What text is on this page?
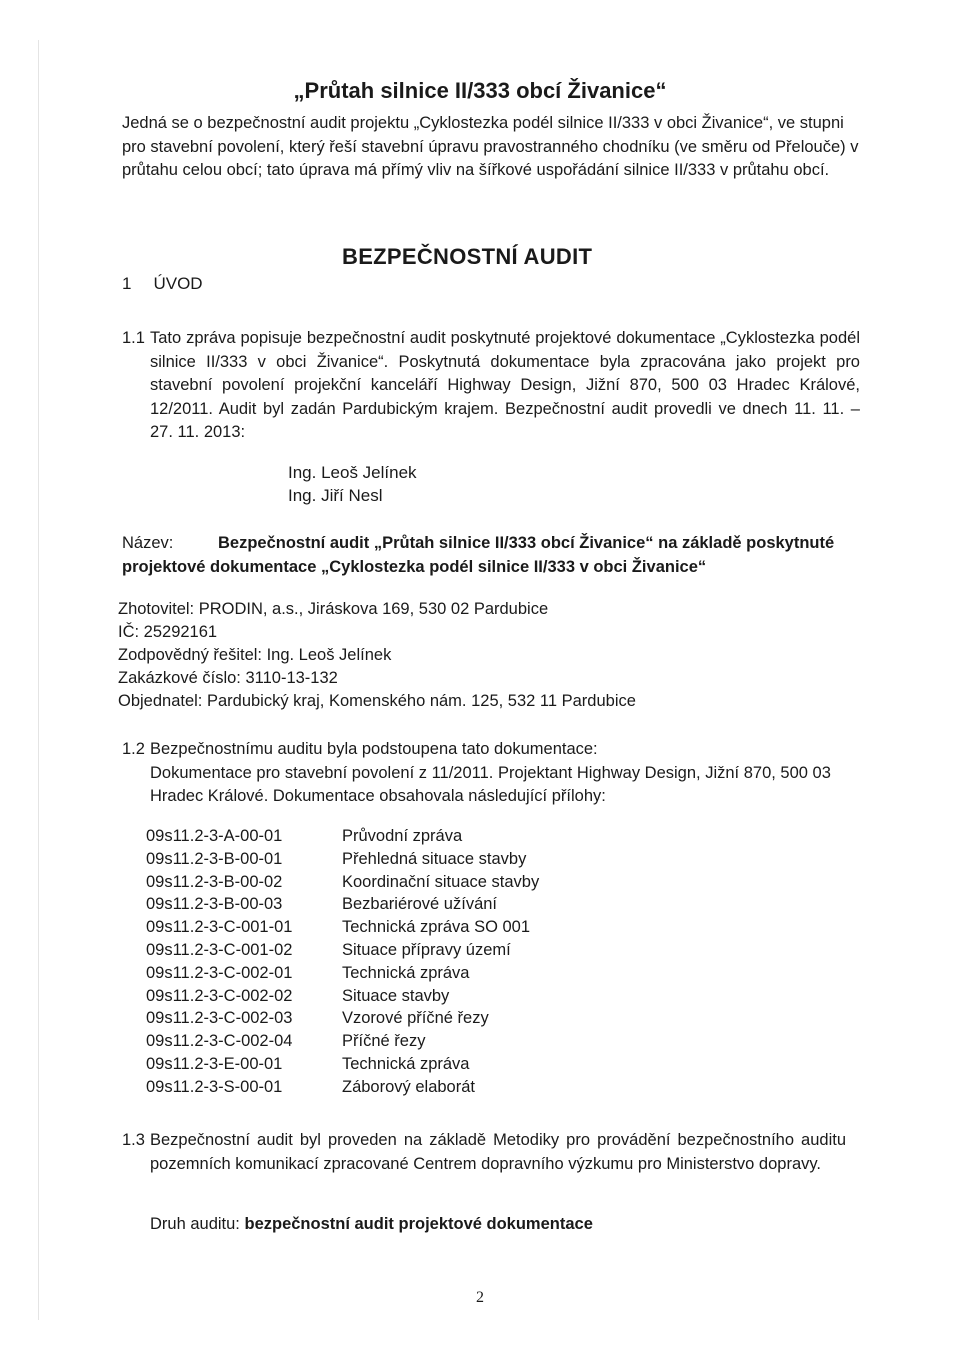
„Průtah silnice II/333 obcí Živanice“
Jedná se o bezpečnostní audit projektu „Cyklostezka podél silnice II/333 v obci Živanice“, ve stupni pro stavební povolení, který řeší stavební úpravu pravostranného chodníku (ve směru od Přelouče) v průtahu celou obcí; tato úprava má přímý vliv na šířkové uspořádání silnice II/333 v průtahu obcí.
BEZPEČNOSTNÍ AUDIT
1 ÚVOD
1.1 Tato zpráva popisuje bezpečnostní audit poskytnuté projektové dokumentace „Cyklostezka podél silnice II/333 v obci Živanice“. Poskytnutá dokumentace byla zpracována jako projekt pro stavební povolení projekční kanceláří Highway Design, Jižní 870, 500 03 Hradec Králové, 12/2011. Audit byl zadán Pardubickým krajem. Bezpečnostní audit provedli ve dnech 11. 11. – 27. 11. 2013:
Ing. Leoš Jelínek
Ing. Jiří Nesl
Název:	Bezpečnostní audit „Průtah silnice II/333 obcí Živanice“ na základě poskytnuté projektové dokumentace „Cyklostezka podél silnice II/333 v obci Živanice“
Zhotovitel: PRODIN, a.s., Jiráskova 169, 530 02 Pardubice
IČ: 25292161
Zodpovědný řešitel: Ing. Leoš Jelínek
Zakázkové číslo: 3110-13-132
Objednatel: Pardubický kraj, Komenského nám. 125, 532 11 Pardubice
1.2 Bezpečnostnímu auditu byla podstoupena tato dokumentace:
Dokumentace pro stavební povolení z 11/2011. Projektant Highway Design, Jižní 870, 500 03 Hradec Králové. Dokumentace obsahovala následující přílohy:
09s11.2-3-A-00-01	Průvodní zpráva
09s11.2-3-B-00-01	Přehledná situace stavby
09s11.2-3-B-00-02	Koordinační situace stavby
09s11.2-3-B-00-03	Bezbariérové užívání
09s11.2-3-C-001-01	Technická zpráva SO 001
09s11.2-3-C-001-02	Situace přípravy území
09s11.2-3-C-002-01	Technická zpráva
09s11.2-3-C-002-02	Situace stavby
09s11.2-3-C-002-03	Vzorové příčné řezy
09s11.2-3-C-002-04	Příčné řezy
09s11.2-3-E-00-01	Technická zpráva
09s11.2-3-S-00-01	Záborový elaborát
1.3 Bezpečnostní audit byl proveden na základě Metodiky pro provádění bezpečnostního auditu pozemních komunikací zpracované Centrem dopravního výzkumu pro Ministerstvo dopravy.
Druh auditu: bezpečnostní audit projektové dokumentace
2
